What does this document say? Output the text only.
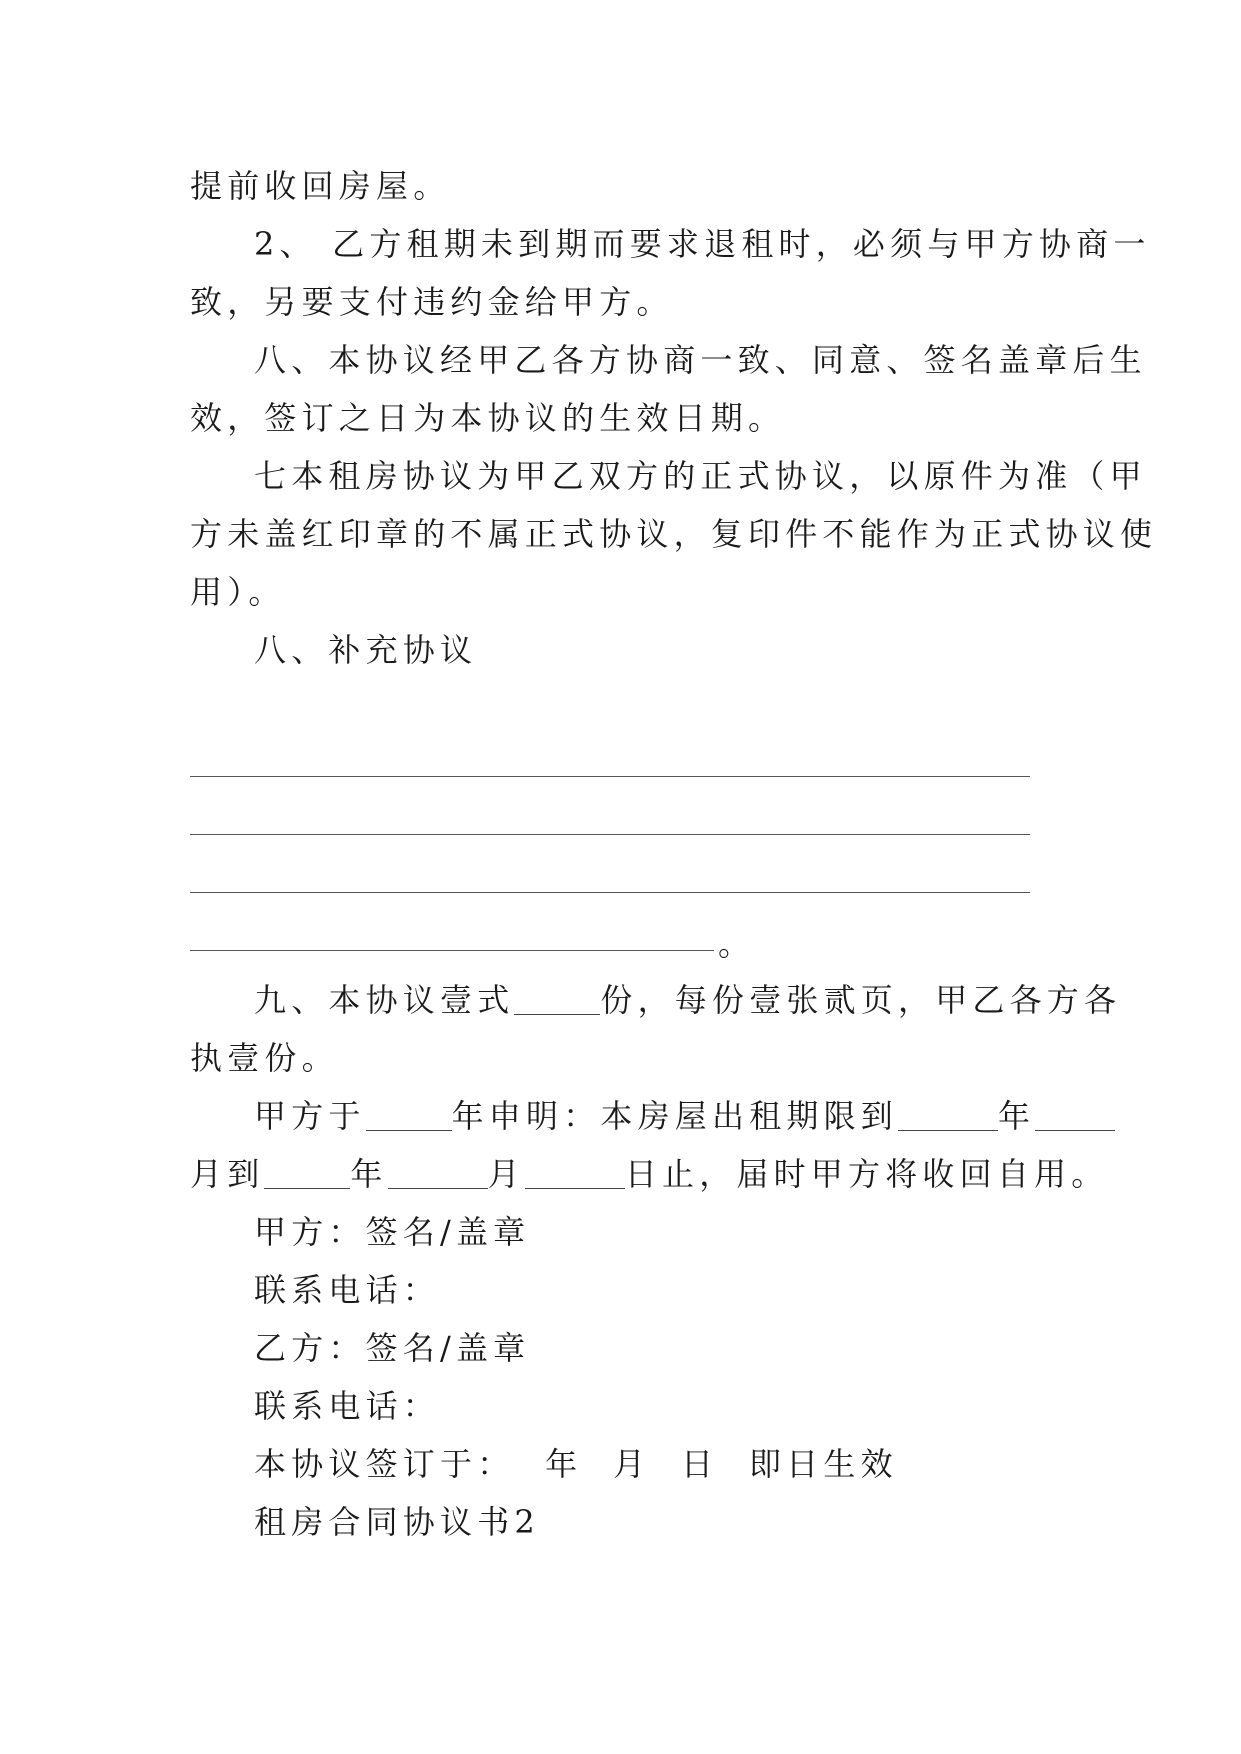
提前收回房屋。
2、 乙方租期未到期而要求退租时，必须与甲方协商一
致，另要支付违约金给甲方。
八、本协议经甲乙各方协商一致、同意、签名盖章后生
效，签订之日为本协议的生效日期。
七本租房协议为甲乙双方的正式协议，以原件为准（甲
方未盖红印章的不属正式协议，复印件不能作为正式协议使
用）。
八、补充协议
。
九、本协议壹式	份，每份壹张贰页，甲乙各方各
执壹份。
甲方于	年申明：本房屋出租期限到	年
月到	年	月	日止，届时甲方将收回自用。
甲方：签名/盖章
联系电话：
乙方：签名/盖章
联系电话：
本协议签订于：  年  月  日  即日生效
租房合同协议书2
